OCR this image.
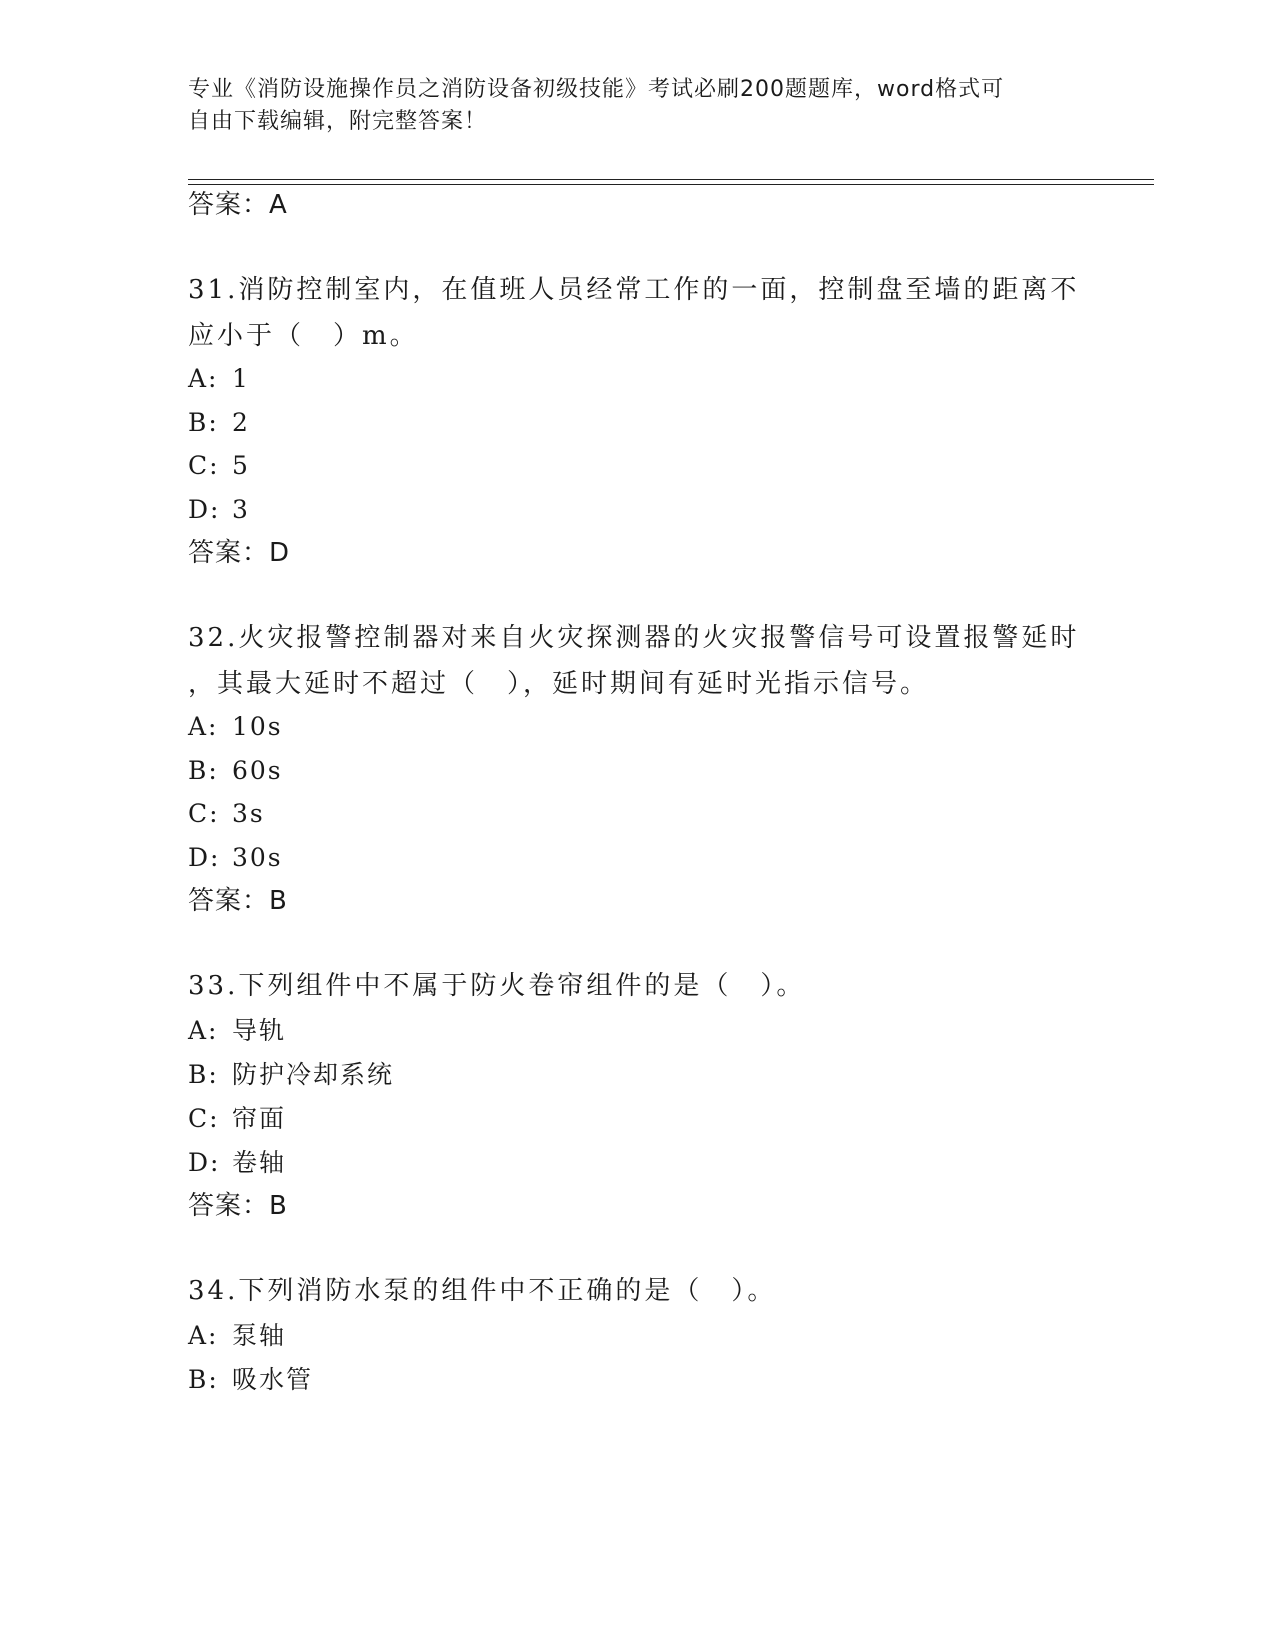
专业《消防设施操作员之消防设备初级技能》考试必刷200题题库，word格式可
自由下载编辑，附完整答案！
答案：A
31.消防控制室内，在值班人员经常工作的一面，控制盘至墙的距离不
应小于（　）m。
A: 1
B: 2
C: 5
D: 3
答案：D
32.火灾报警控制器对来自火灾探测器的火灾报警信号可设置报警延时
，其最大延时不超过（　），延时期间有延时光指示信号。
A: 10s
B: 60s
C: 3s
D: 30s
答案：B
33.下列组件中不属于防火卷帘组件的是（　）。
A: 导轨
B: 防护冷却系统
C: 帘面
D: 卷轴
答案：B
34.下列消防水泵的组件中不正确的是（　）。
A: 泵轴
B: 吸水管
